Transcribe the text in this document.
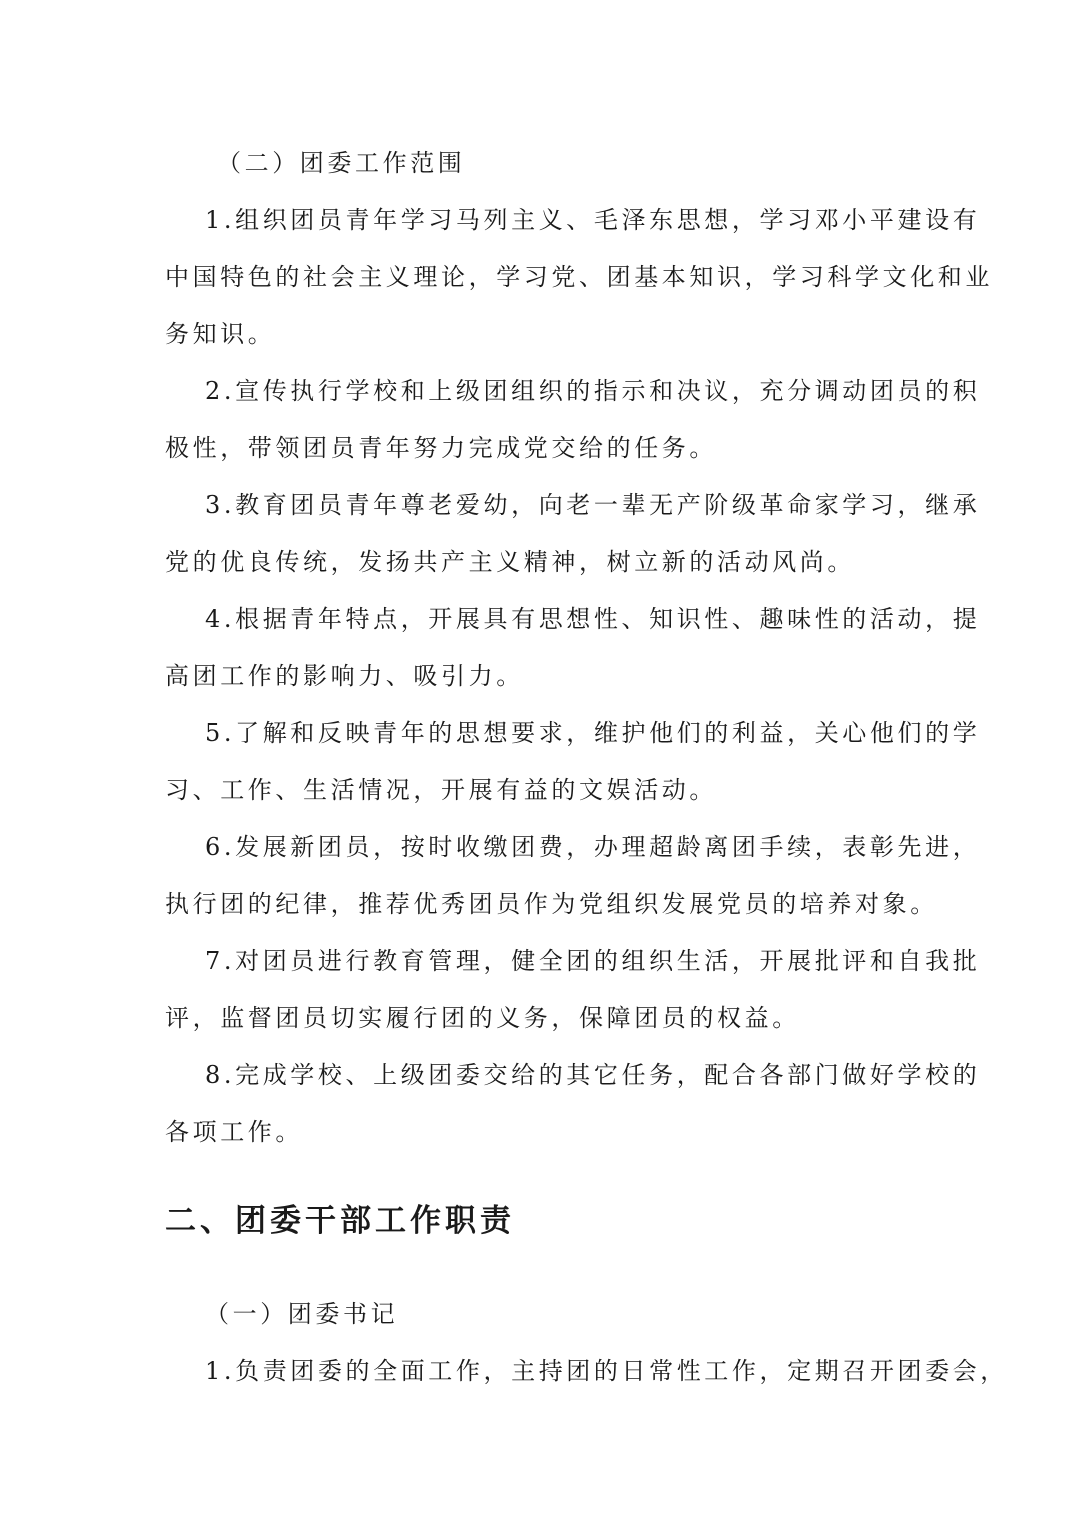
（二）团委工作范围
1.组织团员青年学习马列主义、毛泽东思想，学习邓小平建设有
中国特色的社会主义理论，学习党、团基本知识，学习科学文化和业
务知识。
2.宣传执行学校和上级团组织的指示和决议，充分调动团员的积
极性，带领团员青年努力完成党交给的任务。
3.教育团员青年尊老爱幼，向老一辈无产阶级革命家学习，继承
党的优良传统，发扬共产主义精神，树立新的活动风尚。
4.根据青年特点，开展具有思想性、知识性、趣味性的活动，提
高团工作的影响力、吸引力。
5.了解和反映青年的思想要求，维护他们的利益，关心他们的学
习、工作、生活情况，开展有益的文娱活动。
6.发展新团员，按时收缴团费，办理超龄离团手续，表彰先进，
执行团的纪律，推荐优秀团员作为党组织发展党员的培养对象。
7.对团员进行教育管理，健全团的组织生活，开展批评和自我批
评，监督团员切实履行团的义务，保障团员的权益。
8.完成学校、上级团委交给的其它任务，配合各部门做好学校的
各项工作。
二、团委干部工作职责
（一）团委书记
1.负责团委的全面工作，主持团的日常性工作，定期召开团委会，
